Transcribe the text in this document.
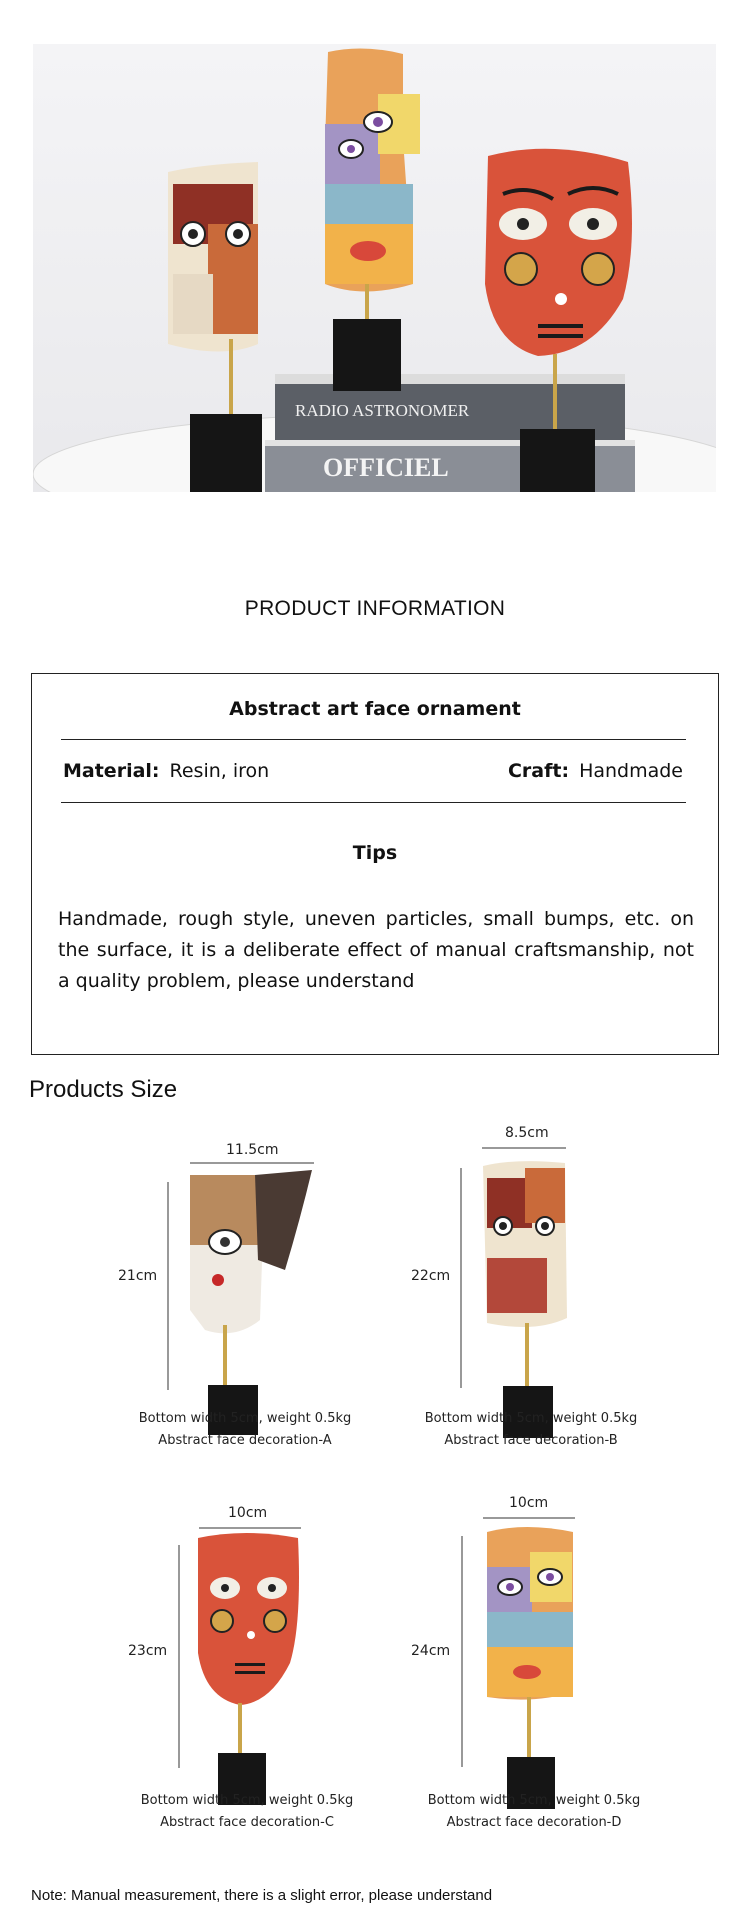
RADIO ASTRONOMER
OFFICIEL
PRODUCT INFORMATION
Abstract art face ornament
Material: Resin, iron	Craft: Handmade
Tips
Handmade, rough style, uneven particles, small bumps, etc. on the surface, it is a deliberate effect of manual craftsmanship, not a quality problem, please understand
Products Size
11.5cm
21cm
Bottom width 5cm, weight 0.5kg
Abstract face decoration-A
8.5cm
22cm
Bottom width 5cm, weight 0.5kg
Abstract face decoration-B
10cm
23cm
Bottom width 5cm, weight 0.5kg
Abstract face decoration-C
10cm
24cm
Bottom width 5cm, weight 0.5kg
Abstract face decoration-D
Note: Manual measurement, there is a slight error, please understand
